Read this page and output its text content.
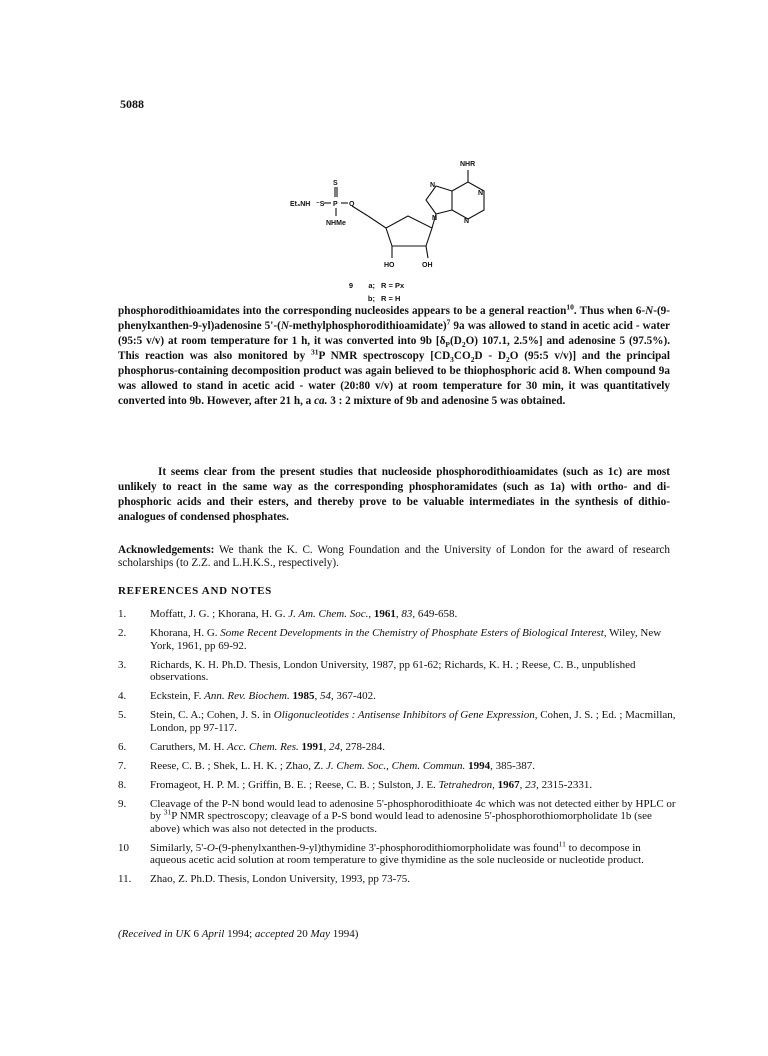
5088
NHR
N
N
N
N
S
P O
⁻S
Et₃NH
NHMe
HO	OH
9	a; R = Px
b; R = H

phosphorodithioamidates into the corresponding nucleosides appears to be a general reaction$^{10}$. Thus when 6-N-(9-phenylxanthen-9-yl)adenosine 5'-(N-methylphosphorodithioamidate)$^7$ 9a was allowed to stand in acetic acid - water (95:5 v/v) at room temperature for 1 h, it was converted into 9b [$\delta_P(D_2O)$ 107.1, 2.5%] and adenosine 5 (97.5%). This reaction was also monitored by $^{31}$P NMR spectroscopy [$CD_3CO_2D - D_2O$ (95:5 v/v)] and the principal phosphorus-containing decomposition product was again believed to be thiophosphoric acid 8. When compound 9a was allowed to stand in acetic acid - water (20:80 v/v) at room temperature for 30 min, it was quantitatively converted into 9b. However, after 21 h, a ca. 3 : 2 mixture of 9b and adenosine 5 was obtained.

It seems clear from the present studies that nucleoside phosphorodithioamidates (such as 1c) are most unlikely to react in the same way as the corresponding phosphoramidates (such as 1a) with ortho- and di-phosphoric acids and their esters, and thereby prove to be valuable intermediates in the synthesis of dithio-analogues of condensed phosphates.

Acknowledgements: We thank the K. C. Wong Foundation and the University of London for the award of research scholarships (to Z.Z. and L.H.K.S., respectively).

REFERENCES AND NOTES
1.	Moffatt, J. G. ; Khorana, H. G. J. Am. Chem. Soc., 1961, 83, 649-658.
2.	Khorana, H. G. Some Recent Developments in the Chemistry of Phosphate Esters of Biological Interest, Wiley, New York, 1961, pp 69-92.
3.	Richards, K. H. Ph.D. Thesis, London University, 1987, pp 61-62; Richards, K. H. ; Reese, C. B., unpublished observations.
4.	Eckstein, F. Ann. Rev. Biochem. 1985, 54, 367-402.
5.	Stein, C. A.; Cohen, J. S. in Oligonucleotides : Antisense Inhibitors of Gene Expression, Cohen, J. S. ; Ed. ; Macmillan, London, pp 97-117.
6.	Caruthers, M. H. Acc. Chem. Res. 1991, 24, 278-284.
7.	Reese, C. B. ; Shek, L. H. K. ; Zhao, Z. J. Chem. Soc., Chem. Commun. 1994, 385-387.
8.	Fromageot, H. P. M. ; Griffin, B. E. ; Reese, C. B. ; Sulston, J. E. Tetrahedron, 1967, 23, 2315-2331.
9.	Cleavage of the P-N bond would lead to adenosine 5'-phosphorodithioate 4c which was not detected either by HPLC or by $^{31}$P NMR spectroscopy; cleavage of a P-S bond would lead to adenosine 5'-phosphorothiomorpholidate 1b (see above) which was also not detected in the products.
10	Similarly, 5'-O-(9-phenylxanthen-9-yl)thymidine 3'-phosphorodithiomorpholidate was found$^{11}$ to decompose in aqueous acetic acid solution at room temperature to give thymidine as the sole nucleoside or nucleotide product.
11.	Zhao, Z. Ph.D. Thesis, London University, 1993, pp 73-75.
(Received in UK 6 April 1994; accepted 20 May 1994)
